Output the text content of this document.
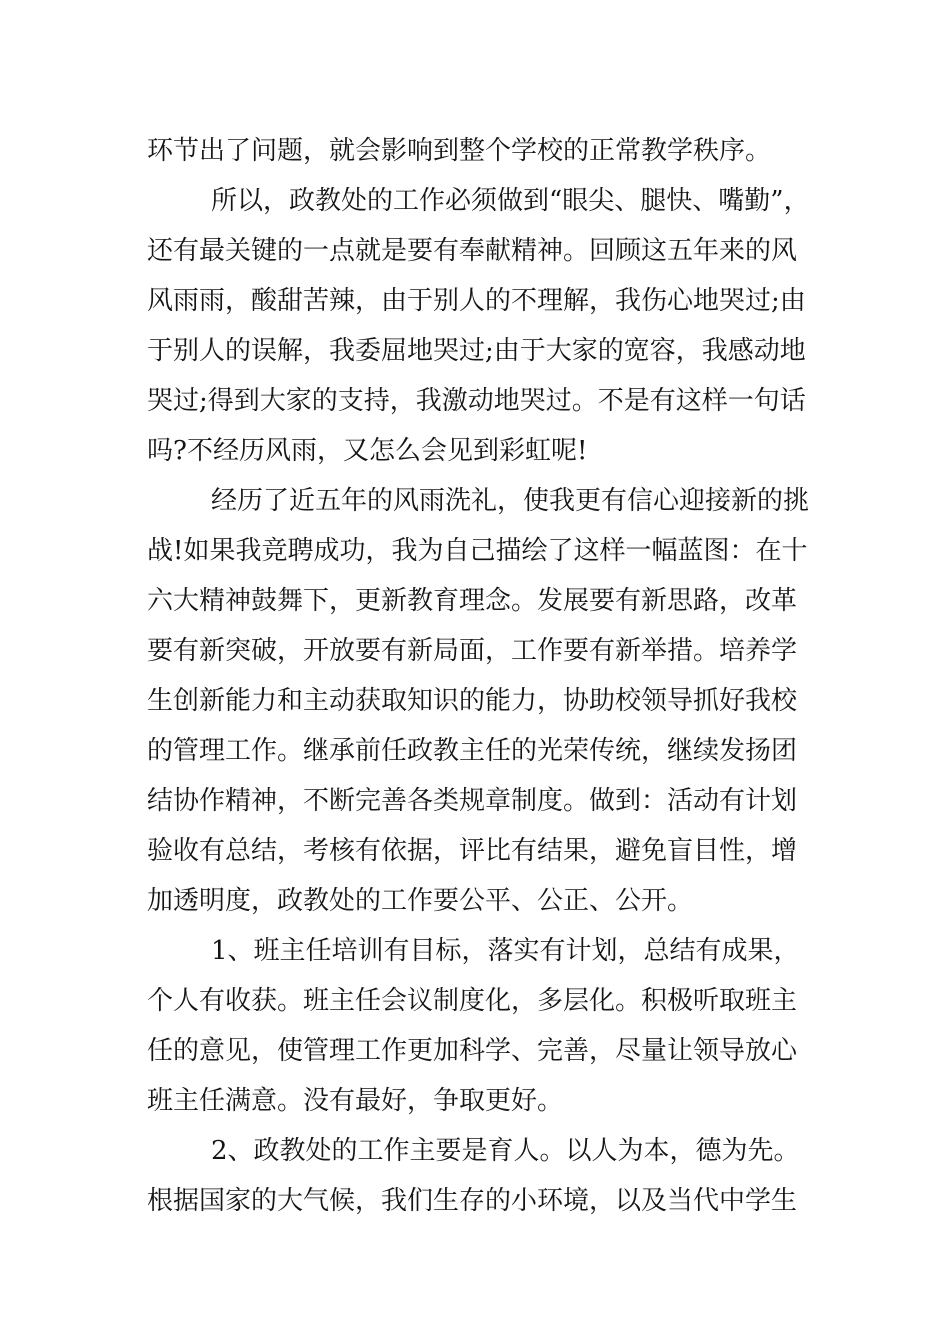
环节出了问题，就会影响到整个学校的正常教学秩序。
所以，政教处的工作必须做到“眼尖、腿快、嘴勤”，
还有最关键的一点就是要有奉献精神。回顾这五年来的风
风雨雨，酸甜苦辣，由于别人的不理解，我伤心地哭过;由
于别人的误解，我委屈地哭过;由于大家的宽容，我感动地
哭过;得到大家的支持，我激动地哭过。不是有这样一句话
吗?不经历风雨，又怎么会见到彩虹呢!
经历了近五年的风雨洗礼，使我更有信心迎接新的挑
战!如果我竞聘成功，我为自己描绘了这样一幅蓝图：在十
六大精神鼓舞下，更新教育理念。发展要有新思路，改革
要有新突破，开放要有新局面，工作要有新举措。培养学
生创新能力和主动获取知识的能力，协助校领导抓好我校
的管理工作。继承前任政教主任的光荣传统，继续发扬团
结协作精神，不断完善各类规章制度。做到：活动有计划
验收有总结，考核有依据，评比有结果，避免盲目性，增
加透明度，政教处的工作要公平、公正、公开。
1、班主任培训有目标，落实有计划，总结有成果，
个人有收获。班主任会议制度化，多层化。积极听取班主
任的意见，使管理工作更加科学、完善，尽量让领导放心
班主任满意。没有最好，争取更好。
2、政教处的工作主要是育人。以人为本，德为先。
根据国家的大气候，我们生存的小环境，以及当代中学生
